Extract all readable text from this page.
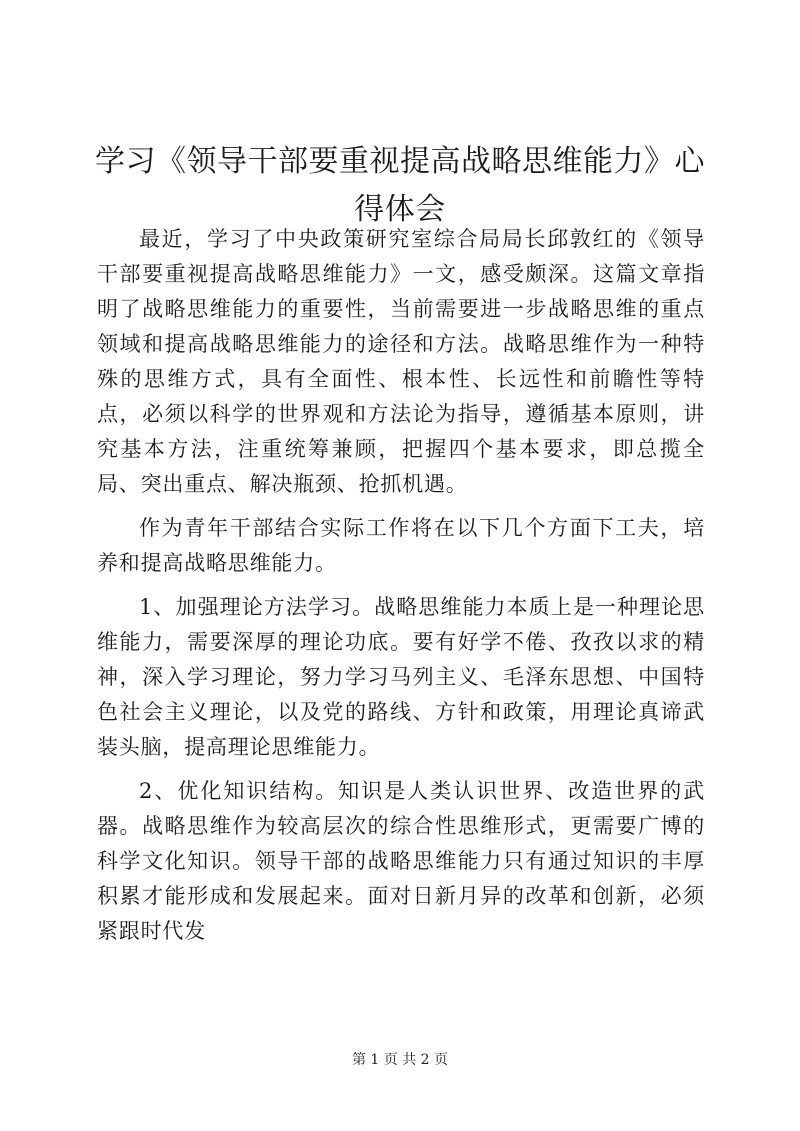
学习《领导干部要重视提高战略思维能力》心得体会

最近，学习了中央政策研究室综合局局长邱敦红的《领导干部要重视提高战略思维能力》一文，感受颇深。这篇文章指明了战略思维能力的重要性，当前需要进一步战略思维的重点领域和提高战略思维能力的途径和方法。战略思维作为一种特殊的思维方式，具有全面性、根本性、长远性和前瞻性等特点，必须以科学的世界观和方法论为指导，遵循基本原则，讲究基本方法，注重统筹兼顾，把握四个基本要求，即总揽全局、突出重点、解决瓶颈、抢抓机遇。

作为青年干部结合实际工作将在以下几个方面下工夫，培养和提高战略思维能力。

1、加强理论方法学习。战略思维能力本质上是一种理论思维能力，需要深厚的理论功底。要有好学不倦、孜孜以求的精神，深入学习理论，努力学习马列主义、毛泽东思想、中国特色社会主义理论，以及党的路线、方针和政策，用理论真谛武装头脑，提高理论思维能力。

2、优化知识结构。知识是人类认识世界、改造世界的武器。战略思维作为较高层次的综合性思维形式，更需要广博的科学文化知识。领导干部的战略思维能力只有通过知识的丰厚积累才能形成和发展起来。面对日新月异的改革和创新，必须紧跟时代发

第 1 页 共 2 页
